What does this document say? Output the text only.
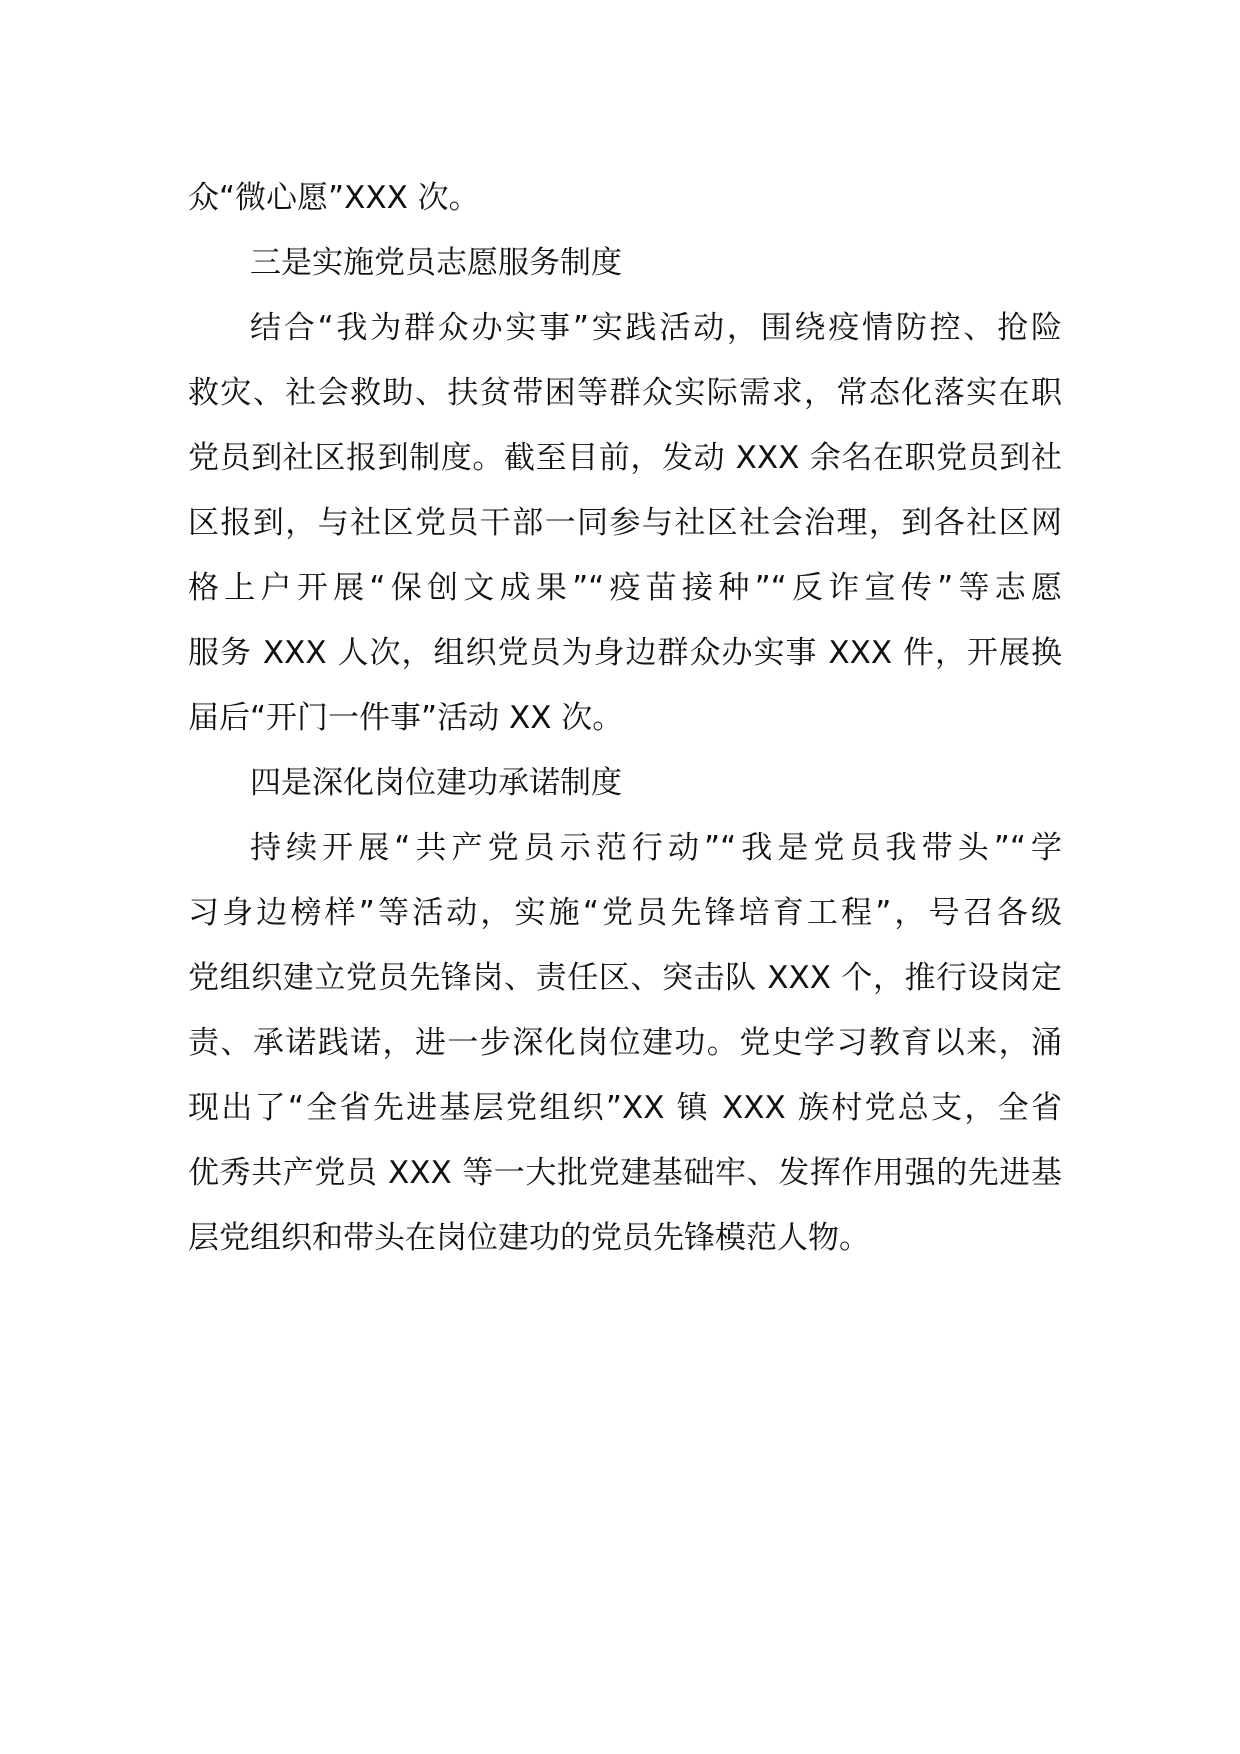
众“微心愿”XXX 次。
三是实施党员志愿服务制度
结合“我为群众办实事”实践活动，围绕疫情防控、抢险
救灾、社会救助、扶贫带困等群众实际需求，常态化落实在职
党员到社区报到制度。截至目前，发动 XXX 余名在职党员到社
区报到，与社区党员干部一同参与社区社会治理，到各社区网
格上户开展“保创文成果”“疫苗接种”“反诈宣传”等志愿
服务 XXX 人次，组织党员为身边群众办实事 XXX 件，开展换
届后“开门一件事”活动 XX 次。
四是深化岗位建功承诺制度
持续开展“共产党员示范行动”“我是党员我带头”“学
习身边榜样”等活动，实施“党员先锋培育工程”，号召各级
党组织建立党员先锋岗、责任区、突击队 XXX 个，推行设岗定
责、承诺践诺，进一步深化岗位建功。党史学习教育以来，涌
现出了“全省先进基层党组织”XX 镇 XXX 族村党总支，全省
优秀共产党员 XXX 等一大批党建基础牢、发挥作用强的先进基
层党组织和带头在岗位建功的党员先锋模范人物。
